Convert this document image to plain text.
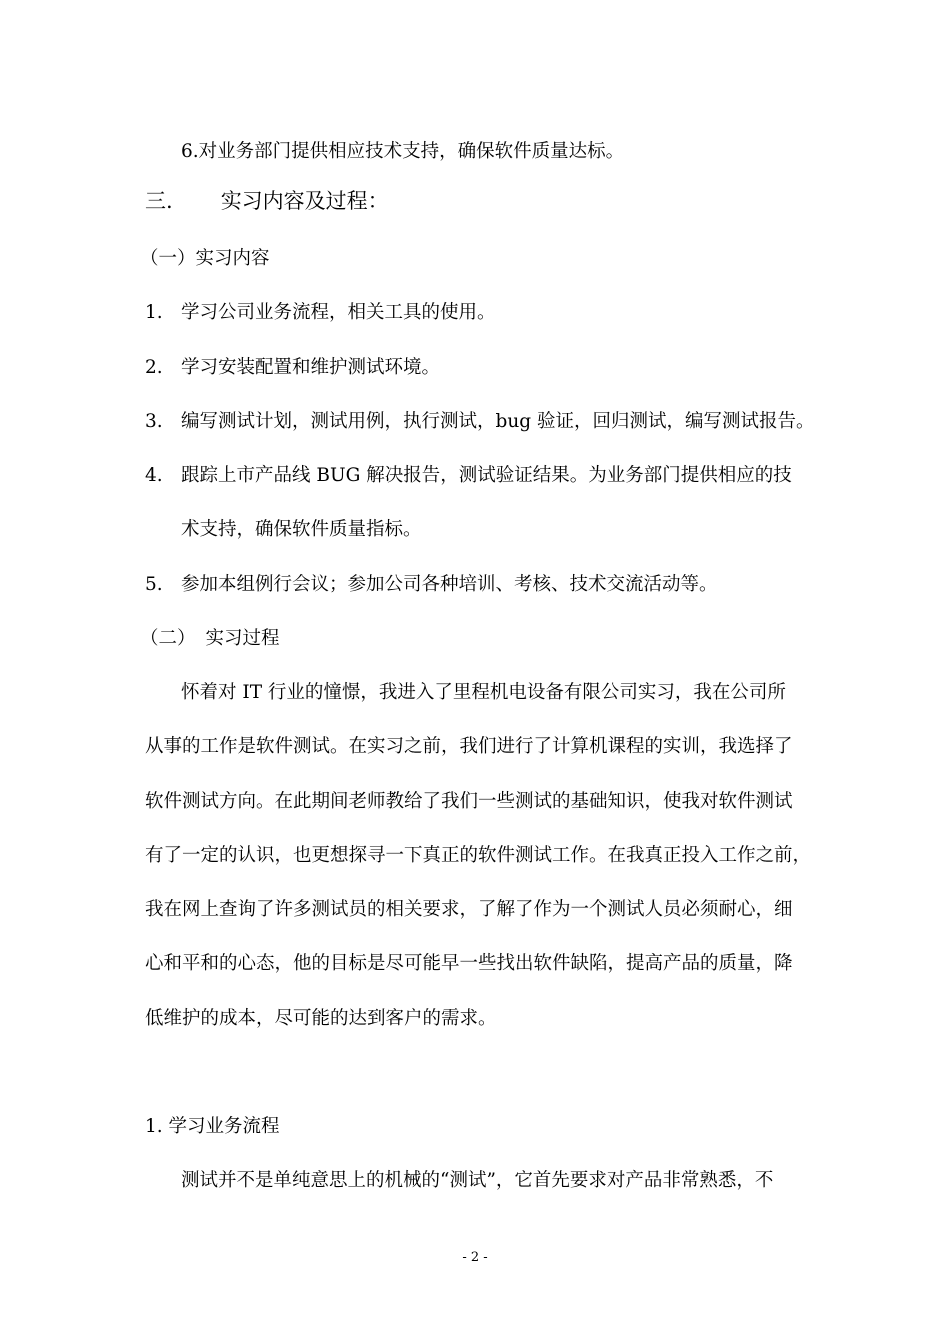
6.对业务部门提供相应技术支持，确保软件质量达标。
三. 实习内容及过程：
（一）实习内容
1. 学习公司业务流程，相关工具的使用。
2. 学习安装配置和维护测试环境。
3. 编写测试计划，测试用例，执行测试，bug 验证，回归测试，编写测试报告。
4. 跟踪上市产品线 BUG 解决报告，测试验证结果。为业务部门提供相应的技
术支持，确保软件质量指标。
5. 参加本组例行会议；参加公司各种培训、考核、技术交流活动等。
（二） 实习过程
怀着对 IT 行业的憧憬，我进入了里程机电设备有限公司实习，我在公司所
从事的工作是软件测试。在实习之前，我们进行了计算机课程的实训，我选择了
软件测试方向。在此期间老师教给了我们一些测试的基础知识，使我对软件测试
有了一定的认识，也更想探寻一下真正的软件测试工作。在我真正投入工作之前，
我在网上查询了许多测试员的相关要求，了解了作为一个测试人员必须耐心，细
心和平和的心态，他的目标是尽可能早一些找出软件缺陷，提高产品的质量，降
低维护的成本，尽可能的达到客户的需求。
1. 学习业务流程
测试并不是单纯意思上的机械的“测试”，它首先要求对产品非常熟悉，不
- 2 -
